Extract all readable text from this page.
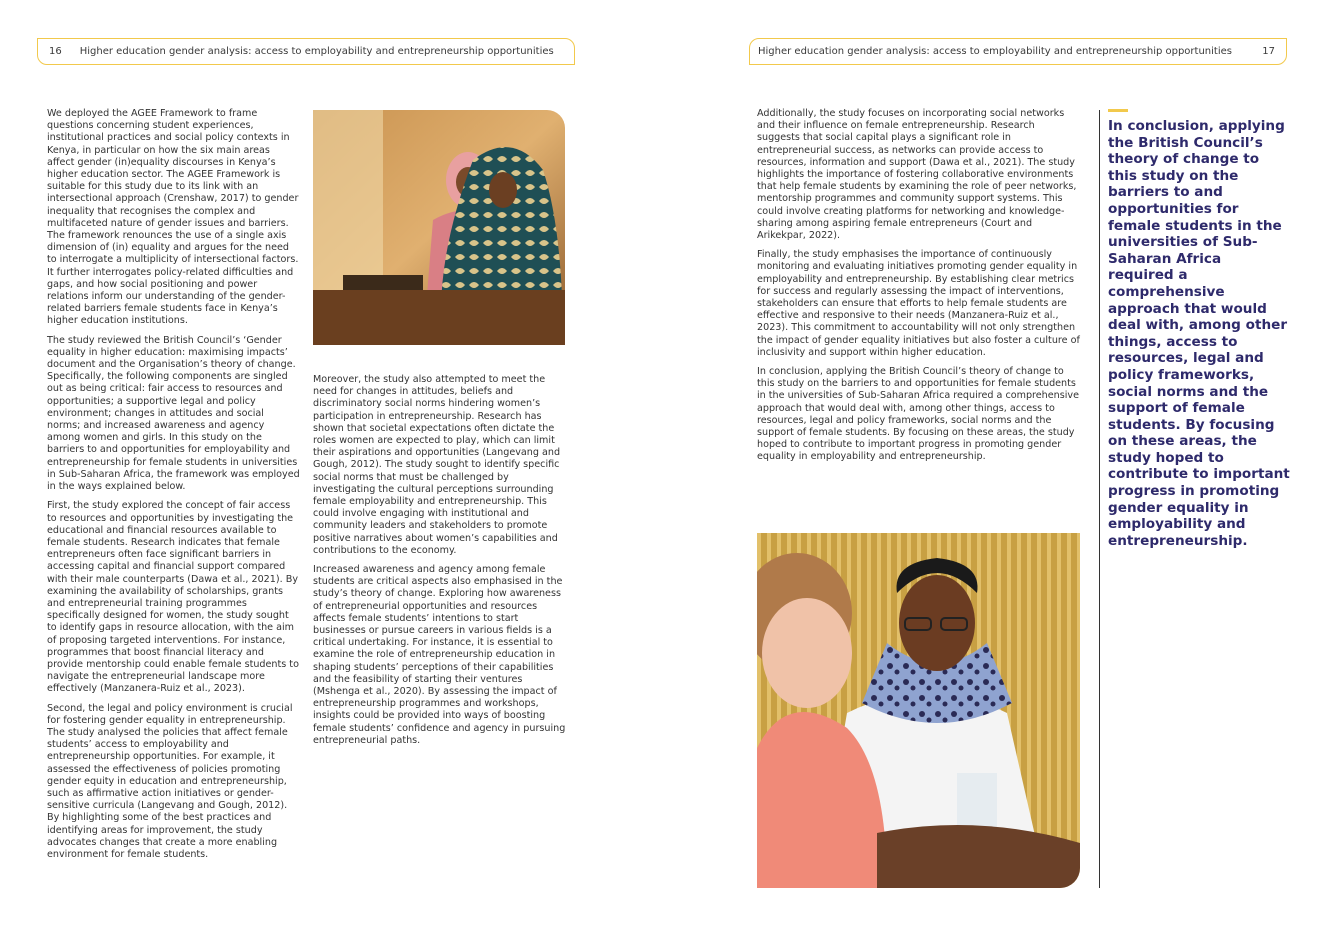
16 Higher education gender analysis: access to employability and entrepreneurship opportunities	Higher education gender analysis: access to employability and entrepreneurship opportunities	17

We deployed the AGEE Framework to frame questions concerning student experiences, institutional practices and social policy contexts in Kenya, in particular on how the six main areas affect gender (in)equality discourses in Kenya’s higher education sector. The AGEE Framework is suitable for this study due to its link with an intersectional approach (Crenshaw, 2017) to gender inequality that recognises the complex and multifaceted nature of gender issues and barriers. The framework renounces the use of a single axis dimension of (in) equality and argues for the need to interrogate a multiplicity of intersectional factors. It further interrogates policy-related difficulties and gaps, and how social positioning and power relations inform our understanding of the gender-related barriers female students face in Kenya’s higher education institutions.

The study reviewed the British Council’s ‘Gender equality in higher education: maximising impacts’ document and the Organisation’s theory of change. Specifically, the following components are singled out as being critical: fair access to resources and opportunities; a supportive legal and policy environment; changes in attitudes and social norms; and increased awareness and agency among women and girls. In this study on the barriers to and opportunities for employability and entrepreneurship for female students in universities in Sub-Saharan Africa, the framework was employed in the ways explained below.

First, the study explored the concept of fair access to resources and opportunities by investigating the educational and financial resources available to female students. Research indicates that female entrepreneurs often face significant barriers in accessing capital and financial support compared with their male counterparts (Dawa et al., 2021). By examining the availability of scholarships, grants and entrepreneurial training programmes specifically designed for women, the study sought to identify gaps in resource allocation, with the aim of proposing targeted interventions. For instance, programmes that boost financial literacy and provide mentorship could enable female students to navigate the entrepreneurial landscape more effectively (Manzanera-Ruiz et al., 2023).

Second, the legal and policy environment is crucial for fostering gender equality in entrepreneurship. The study analysed the policies that affect female students’ access to employability and entrepreneurship opportunities. For example, it assessed the effectiveness of policies promoting gender equity in education and entrepreneurship, such as affirmative action initiatives or gender-sensitive curricula (Langevang and Gough, 2012). By highlighting some of the best practices and identifying areas for improvement, the study advocates changes that create a more enabling environment for female students.

Moreover, the study also attempted to meet the need for changes in attitudes, beliefs and discriminatory social norms hindering women’s participation in entrepreneurship. Research has shown that societal expectations often dictate the roles women are expected to play, which can limit their aspirations and opportunities (Langevang and Gough, 2012). The study sought to identify specific social norms that must be challenged by investigating the cultural perceptions surrounding female employability and entrepreneurship. This could involve engaging with institutional and community leaders and stakeholders to promote positive narratives about women’s capabilities and contributions to the economy.

Increased awareness and agency among female students are critical aspects also emphasised in the study’s theory of change. Exploring how awareness of entrepreneurial opportunities and resources affects female students’ intentions to start businesses or pursue careers in various fields is a critical undertaking. For instance, it is essential to examine the role of entrepreneurship education in shaping students’ perceptions of their capabilities and the feasibility of starting their ventures (Mshenga et al., 2020). By assessing the impact of entrepreneurship programmes and workshops, insights could be provided into ways of boosting female students’ confidence and agency in pursuing entrepreneurial paths.

Additionally, the study focuses on incorporating social networks and their influence on female entrepreneurship. Research suggests that social capital plays a significant role in entrepreneurial success, as networks can provide access to resources, information and support (Dawa et al., 2021). The study highlights the importance of fostering collaborative environments that help female students by examining the role of peer networks, mentorship programmes and community support systems. This could involve creating platforms for networking and knowledge-sharing among aspiring female entrepreneurs (Court and Arikekpar, 2022).

Finally, the study emphasises the importance of continuously monitoring and evaluating initiatives promoting gender equality in employability and entrepreneurship. By establishing clear metrics for success and regularly assessing the impact of interventions, stakeholders can ensure that efforts to help female students are effective and responsive to their needs (Manzanera-Ruiz et al., 2023). This commitment to accountability will not only strengthen the impact of gender equality initiatives but also foster a culture of inclusivity and support within higher education.

In conclusion, applying the British Council’s theory of change to this study on the barriers to and opportunities for female students in the universities of Sub-Saharan Africa required a comprehensive approach that would deal with, among other things, access to resources, legal and policy frameworks, social norms and the support of female students. By focusing on these areas, the study hoped to contribute to important progress in promoting gender equality in employability and entrepreneurship.

In conclusion, applying the British Council’s theory of change to this study on the barriers to and opportunities for female students in the universities of Sub-Saharan Africa required a comprehensive approach that would deal with, among other things, access to resources, legal and policy frameworks, social norms and the support of female students. By focusing on these areas, the study hoped to contribute to important progress in promoting gender equality in employability and entrepreneurship.
